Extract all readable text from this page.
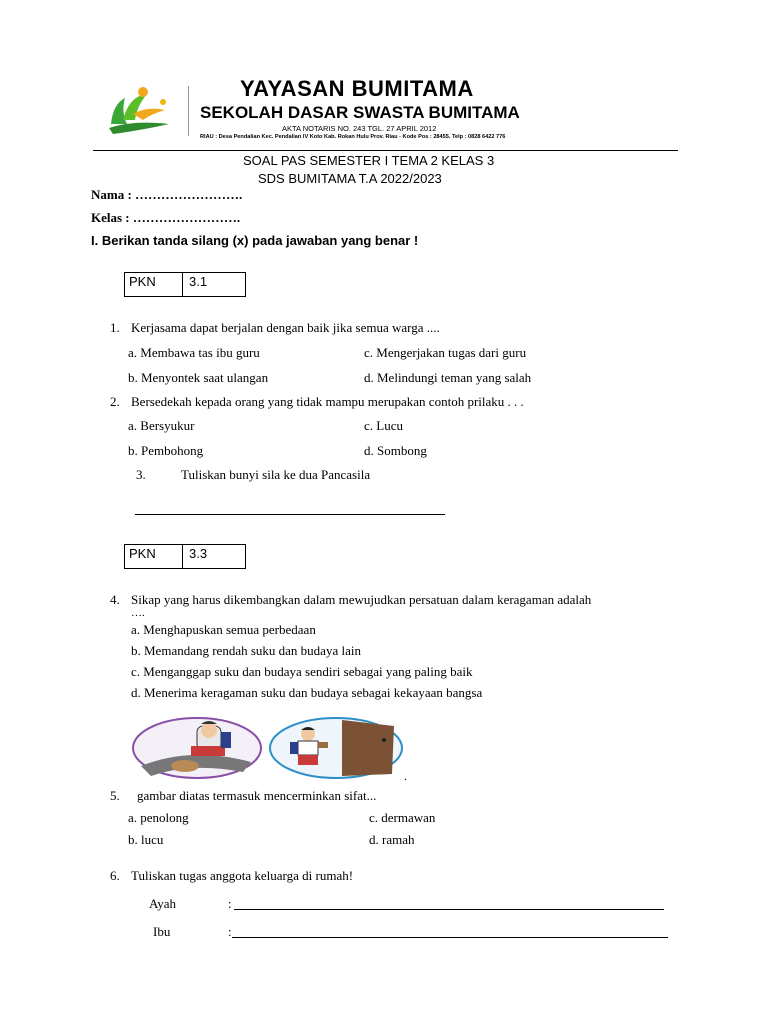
YAYASAN BUMITAMA
SEKOLAH DASAR SWASTA BUMITAMA
AKTA NOTARIS NO. 243 TGL. 27 APRIL 2012
RIAU : Desa Pendalian Kec. Pendalian IV Koto Kab. Rokan Hulu Prov. Riau - Kode Pos : 28455. Telp : 0828 6422 776
SOAL PAS SEMESTER I TEMA 2 KELAS 3
SDS BUMITAMA T.A 2022/2023
Nama : …………………….
Kelas : …………………….
I. Berikan tanda silang (x) pada jawaban yang benar !
PKN	3.1
1. Kerjasama dapat berjalan dengan baik jika semua warga ....
a. Membawa tas ibu guru	c. Mengerjakan tugas dari guru
b. Menyontek saat ulangan	d. Melindungi teman yang salah
2. Bersedekah kepada orang yang tidak mampu merupakan contoh prilaku . . .
a. Bersyukur	c. Lucu
b. Pembohong	d. Sombong
3.	Tuliskan bunyi sila ke dua Pancasila
PKN	3.3
4. Sikap yang harus dikembangkan dalam mewujudkan persatuan dalam keragaman adalah
….
a. Menghapuskan semua perbedaan
b. Memandang rendah suku dan budaya lain
c. Menganggap suku dan budaya sendiri sebagai yang paling baik
d. Menerima keragaman suku dan budaya sebagai kekayaan bangsa
.
5. gambar diatas termasuk mencerminkan sifat...
a. penolong	c. dermawan
b. lucu	d. ramah
6. Tuliskan tugas anggota keluarga di rumah!
Ayah	:
Ibu	:
